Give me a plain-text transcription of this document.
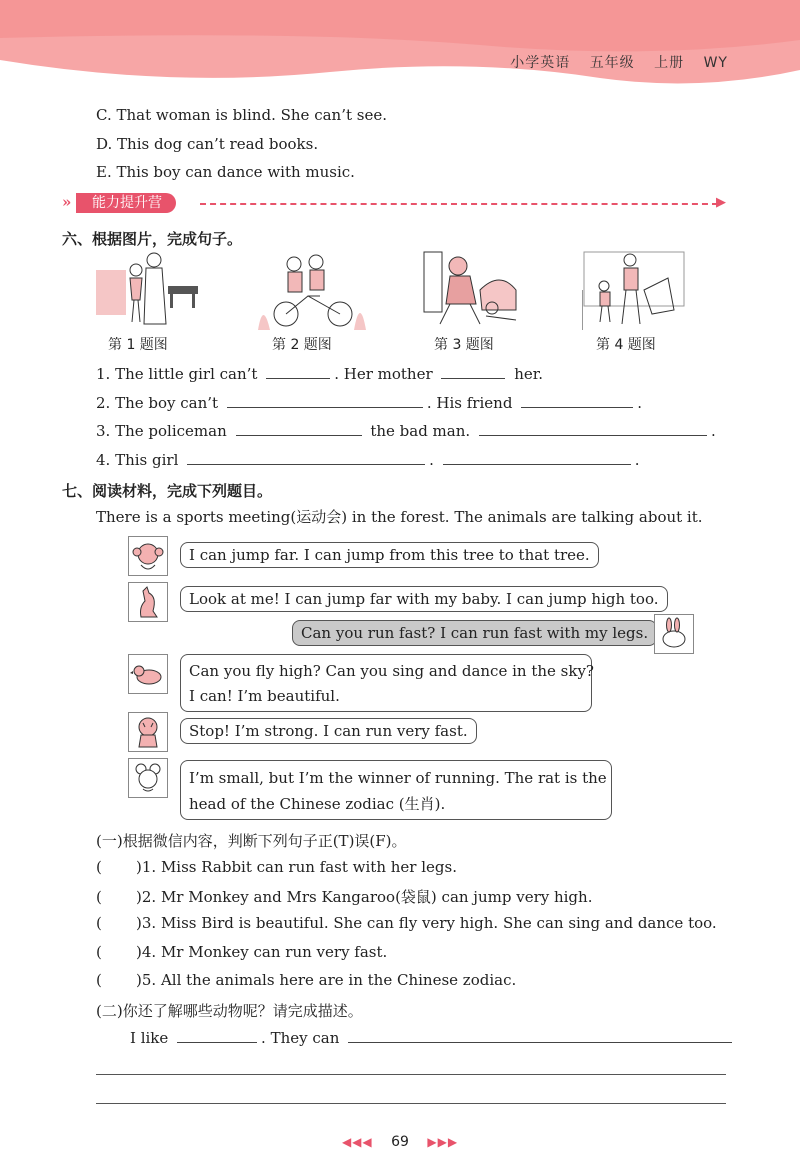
小学英语 五年级 上册 WY
C. That woman is blind. She can’t see.
D. This dog can’t read books.
E. This boy can dance with music.
▶
»	能力提升营
六、根据图片，完成句子。
第 1 题图	第 2 题图	第 3 题图	第 4 题图
1. The little girl can’t	. Her mother	her.
2. The boy can’t	. His friend	.
3. The policeman	the bad man.	.
4. This girl	.	.
七、阅读材料，完成下列题目。
There is a sports meeting(运动会) in the forest. The animals are talking about it.
I can jump far. I can jump from this tree to that tree.
Look at me! I can jump far with my baby. I can jump high too.
Can you run fast? I can run fast with my legs.
Can you fly high? Can you sing and dance in the sky?
I can! I’m beautiful.
Stop! I’m strong. I can run very fast.
I’m small, but I’m the winner of running. The rat is the
head of the Chinese zodiac (生肖).
(一)根据微信内容，判断下列句子正(T)误(F)。
( )1. Miss Rabbit can run fast with her legs.
( )2. Mr Monkey and Mrs Kangaroo(袋鼠) can jump very high.
( )3. Miss Bird is beautiful. She can fly very high. She can sing and dance too.
( )4. Mr Monkey can run very fast.
( )5. All the animals here are in the Chinese zodiac.
(二)你还了解哪些动物呢？请完成描述。
I like	. They can
◀◀◀ 69 ▶▶▶
